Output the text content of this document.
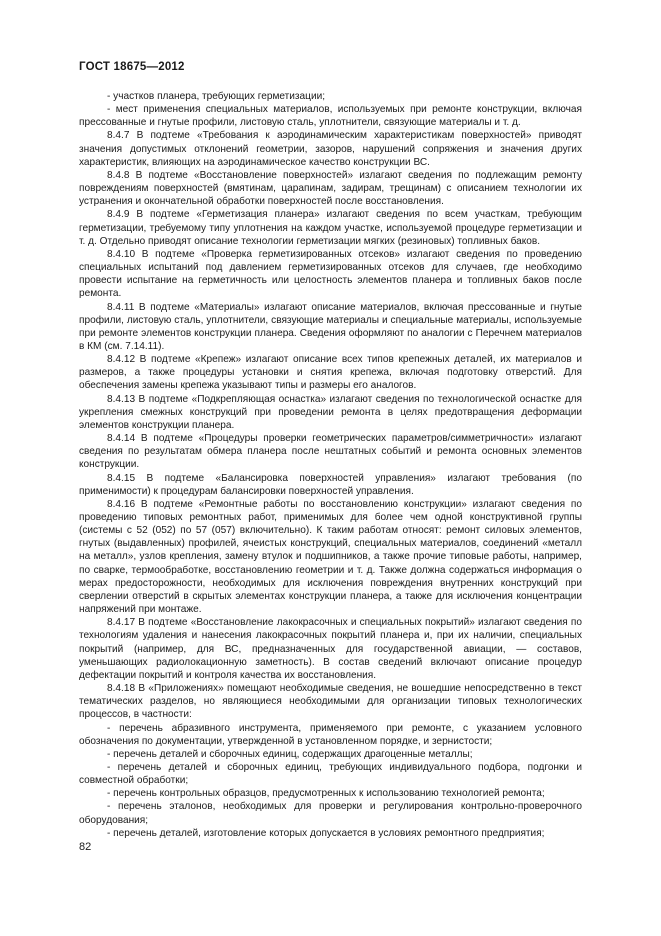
ГОСТ 18675—2012

- участков планера, требующих герметизации;

- мест применения специальных материалов, используемых при ремонте конструкции, включая прессованные и гнутые профили, листовую сталь, уплотнители, связующие материалы и т. д.

8.4.7 В подтеме «Требования к аэродинамическим характеристикам поверхностей» приводят значения допустимых отклонений геометрии, зазоров, нарушений сопряжения и значения других характеристик, влияющих на аэродинамическое качество конструкции ВС.

8.4.8 В подтеме «Восстановление поверхностей» излагают сведения по подлежащим ремонту повреждениям поверхностей (вмятинам, царапинам, задирам, трещинам) с описанием технологии их устранения и окончательной обработки поверхностей после восстановления.

8.4.9 В подтеме «Герметизация планера» излагают сведения по всем участкам, требующим герметизации, требуемому типу уплотнения на каждом участке, используемой процедуре герметизации и т. д. Отдельно приводят описание технологии герметизации мягких (резиновых) топливных баков.

8.4.10 В подтеме «Проверка герметизированных отсеков» излагают сведения по проведению специальных испытаний под давлением герметизированных отсеков для случаев, где необходимо провести испытание на герметичность или целостность элементов планера и топливных баков после ремонта.

8.4.11 В подтеме «Материалы» излагают описание материалов, включая прессованные и гнутые профили, листовую сталь, уплотнители, связующие материалы и специальные материалы, используемые при ремонте элементов конструкции планера. Сведения оформляют по аналогии с Перечнем материалов в КМ (см. 7.14.11).

8.4.12 В подтеме «Крепеж» излагают описание всех типов крепежных деталей, их материалов и размеров, а также процедуры установки и снятия крепежа, включая подготовку отверстий. Для обеспечения замены крепежа указывают типы и размеры его аналогов.

8.4.13 В подтеме «Подкрепляющая оснастка» излагают сведения по технологической оснастке для укрепления смежных конструкций при проведении ремонта в целях предотвращения деформации элементов конструкции планера.

8.4.14 В подтеме «Процедуры проверки геометрических параметров/симметричности» излагают сведения по результатам обмера планера после нештатных событий и ремонта основных элементов конструкции.

8.4.15 В подтеме «Балансировка поверхностей управления» излагают требования (по применимости) к процедурам балансировки поверхностей управления.

8.4.16 В подтеме «Ремонтные работы по восстановлению конструкции» излагают сведения по проведению типовых ремонтных работ, применимых для более чем одной конструктивной группы (системы с 52 (052) по 57 (057) включительно). К таким работам относят: ремонт силовых элементов, гнутых (выдавленных) профилей, ячеистых конструкций, специальных материалов, соединений «металл на металл», узлов крепления, замену втулок и подшипников, а также прочие типовые работы, например, по сварке, термообработке, восстановлению геометрии и т. д. Также должна содержаться информация о мерах предосторожности, необходимых для исключения повреждения внутренних конструкций при сверлении отверстий в скрытых элементах конструкции планера, а также для исключения концентрации напряжений при монтаже.

8.4.17 В подтеме «Восстановление лакокрасочных и специальных покрытий» излагают сведения по технологиям удаления и нанесения лакокрасочных покрытий планера и, при их наличии, специальных покрытий (например, для ВС, предназначенных для государственной авиации, — составов, уменьшающих радиолокационную заметность). В состав сведений включают описание процедур дефектации покрытий и контроля качества их восстановления.

8.4.18 В «Приложениях» помещают необходимые сведения, не вошедшие непосредственно в текст тематических разделов, но являющиеся необходимыми для организации типовых технологических процессов, в частности:

- перечень абразивного инструмента, применяемого при ремонте, с указанием условного обозначения по документации, утвержденной в установленном порядке, и зернистости;

- перечень деталей и сборочных единиц, содержащих драгоценные металлы;

- перечень деталей и сборочных единиц, требующих индивидуального подбора, подгонки и совместной обработки;

- перечень контрольных образцов, предусмотренных к использованию технологией ремонта;

- перечень эталонов, необходимых для проверки и регулирования контрольно-проверочного оборудования;

- перечень деталей, изготовление которых допускается в условиях ремонтного предприятия;

82
